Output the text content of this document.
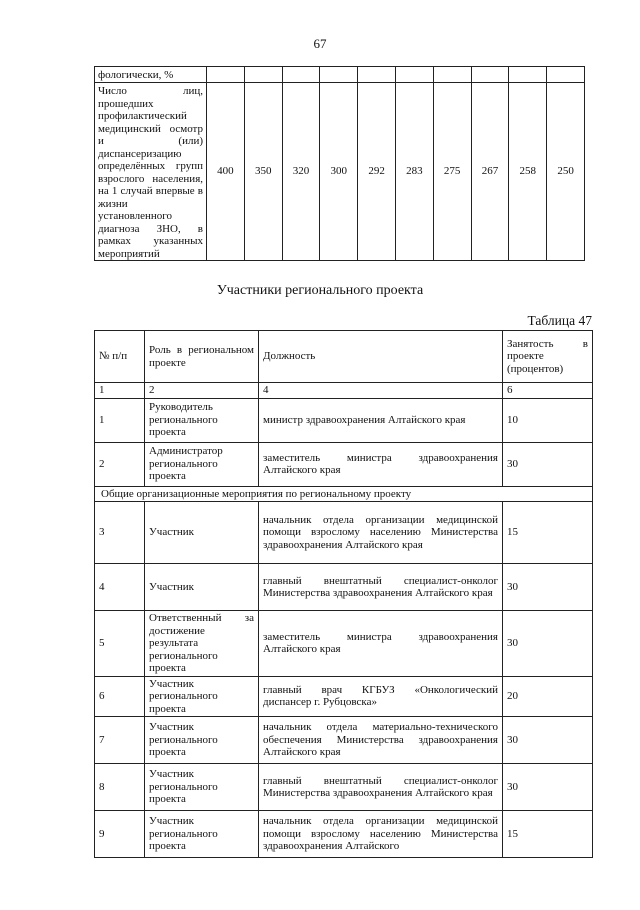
67
фологически, %										
Число лиц, прошедших профилактический медицинский осмотр и (или) диспансеризацию определённых групп взрослого населения, на 1 случай впервые в жизни установленного диагноза ЗНО, в рамках указанных мероприятий	400	350	320	300	292	283	275	267	258	250
Участники регионального проекта
Таблица 47
№ п/п	Роль в региональном проекте	Должность	Занятость в проекте (процентов)
1	2	4	6
1	Руководитель регионального проекта	министр здравоохранения Алтайского края	10
2	Администратор регионального проекта	заместитель министра здравоохранения Алтайского края	30
Общие организационные мероприятия по региональному проекту			
3	Участник	начальник отдела организации медицинской помощи взрослому населению Министерства здравоохранения Алтайского края	15
4	Участник	главный внештатный специалист-онколог Министерства здравоохранения Алтайского края	30
5	Ответственный за достижение результата регионального проекта	заместитель министра здравоохранения Алтайского края	30
6	Участник регионального проекта	главный врач КГБУЗ «Онкологический диспансер г. Рубцовска»	20
7	Участник регионального проекта	начальник отдела материально-технического обеспечения Министерства здравоохранения Алтайского края	30
8	Участник регионального проекта	главный внештатный специалист-онколог Министерства здравоохранения Алтайского края	30
9	Участник регионального проекта	начальник отдела организации медицинской помощи взрослому населению Министерства здравоохранения Алтайского	15
